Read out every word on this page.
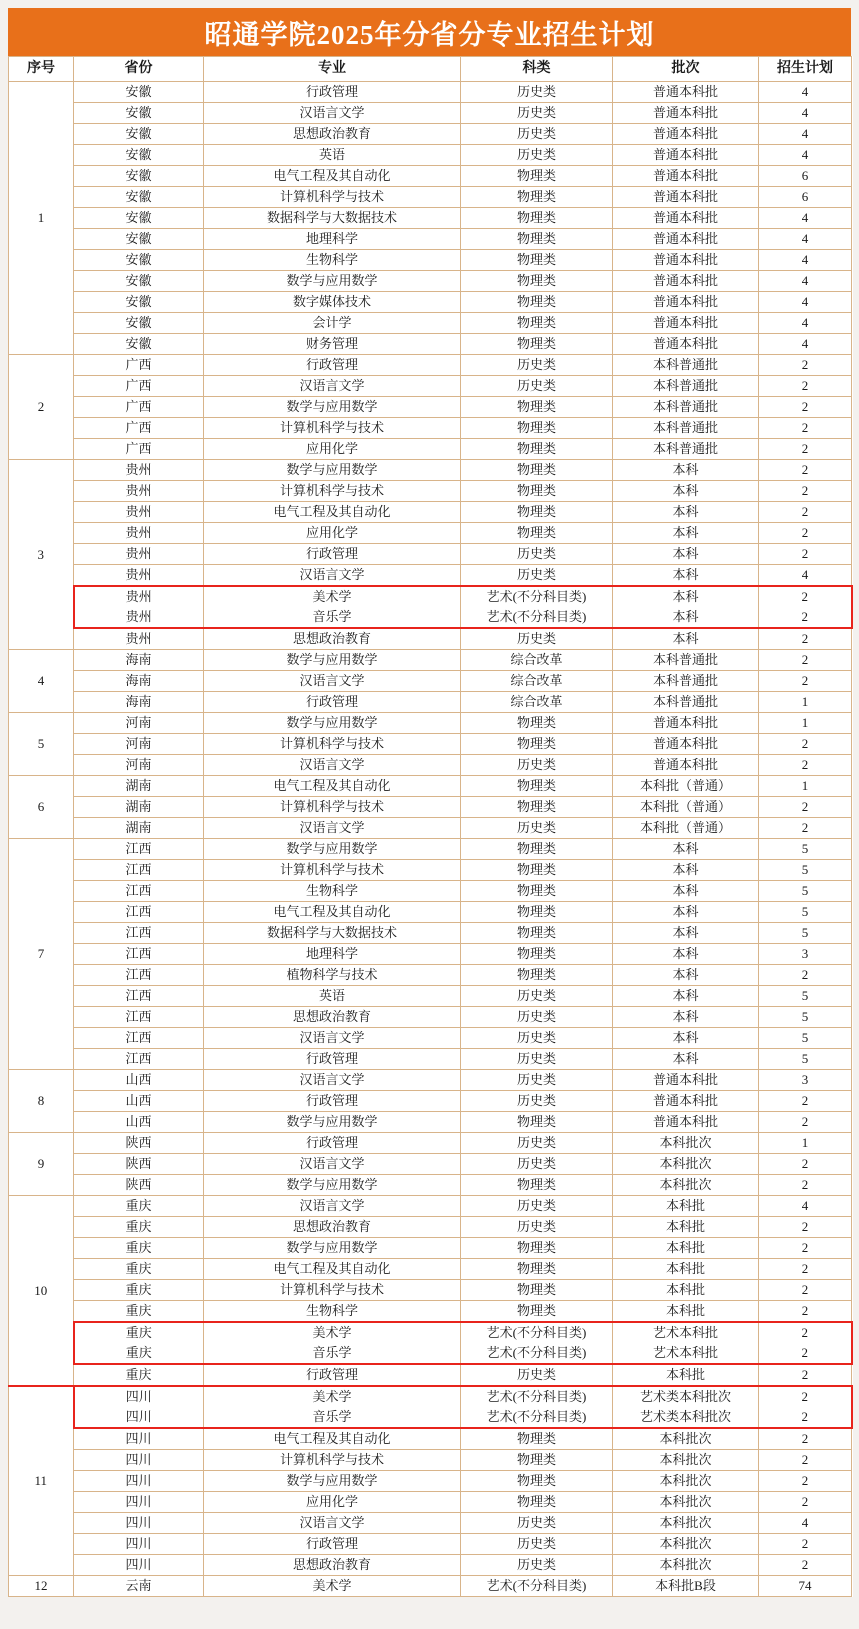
昭通学院2025年分省分专业招生计划
序号	省份	专业	科类	批次	招生计划
1	安徽	行政管理	历史类	普通本科批	4
	安徽	汉语言文学	历史类	普通本科批	4
	安徽	思想政治教育	历史类	普通本科批	4
	安徽	英语	历史类	普通本科批	4
	安徽	电气工程及其自动化	物理类	普通本科批	6
	安徽	计算机科学与技术	物理类	普通本科批	6
	安徽	数据科学与大数据技术	物理类	普通本科批	4
	安徽	地理科学	物理类	普通本科批	4
	安徽	生物科学	物理类	普通本科批	4
	安徽	数学与应用数学	物理类	普通本科批	4
	安徽	数字媒体技术	物理类	普通本科批	4
	安徽	会计学	物理类	普通本科批	4
	安徽	财务管理	物理类	普通本科批	4
2	广西	行政管理	历史类	本科普通批	2
	广西	汉语言文学	历史类	本科普通批	2
	广西	数学与应用数学	物理类	本科普通批	2
	广西	计算机科学与技术	物理类	本科普通批	2
	广西	应用化学	物理类	本科普通批	2
3	贵州	数学与应用数学	物理类	本科	2
	贵州	计算机科学与技术	物理类	本科	2
	贵州	电气工程及其自动化	物理类	本科	2
	贵州	应用化学	物理类	本科	2
	贵州	行政管理	历史类	本科	2
	贵州	汉语言文学	历史类	本科	4
	贵州	美术学	艺术(不分科目类)	本科	2
	贵州	音乐学	艺术(不分科目类)	本科	2
	贵州	思想政治教育	历史类	本科	2
4	海南	数学与应用数学	综合改革	本科普通批	2
	海南	汉语言文学	综合改革	本科普通批	2
	海南	行政管理	综合改革	本科普通批	1
5	河南	数学与应用数学	物理类	普通本科批	1
	河南	计算机科学与技术	物理类	普通本科批	2
	河南	汉语言文学	历史类	普通本科批	2
6	湖南	电气工程及其自动化	物理类	本科批（普通）	1
	湖南	计算机科学与技术	物理类	本科批（普通）	2
	湖南	汉语言文学	历史类	本科批（普通）	2
7	江西	数学与应用数学	物理类	本科	5
	江西	计算机科学与技术	物理类	本科	5
	江西	生物科学	物理类	本科	5
	江西	电气工程及其自动化	物理类	本科	5
	江西	数据科学与大数据技术	物理类	本科	5
	江西	地理科学	物理类	本科	3
	江西	植物科学与技术	物理类	本科	2
	江西	英语	历史类	本科	5
	江西	思想政治教育	历史类	本科	5
	江西	汉语言文学	历史类	本科	5
	江西	行政管理	历史类	本科	5
8	山西	汉语言文学	历史类	普通本科批	3
	山西	行政管理	历史类	普通本科批	2
	山西	数学与应用数学	物理类	普通本科批	2
9	陕西	行政管理	历史类	本科批次	1
	陕西	汉语言文学	历史类	本科批次	2
	陕西	数学与应用数学	物理类	本科批次	2
10	重庆	汉语言文学	历史类	本科批	4
	重庆	思想政治教育	历史类	本科批	2
	重庆	数学与应用数学	物理类	本科批	2
	重庆	电气工程及其自动化	物理类	本科批	2
	重庆	计算机科学与技术	物理类	本科批	2
	重庆	生物科学	物理类	本科批	2
	重庆	美术学	艺术(不分科目类)	艺术本科批	2
	重庆	音乐学	艺术(不分科目类)	艺术本科批	2
	重庆	行政管理	历史类	本科批	2
11	四川	美术学	艺术(不分科目类)	艺术类本科批次	2
	四川	音乐学	艺术(不分科目类)	艺术类本科批次	2
	四川	电气工程及其自动化	物理类	本科批次	2
	四川	计算机科学与技术	物理类	本科批次	2
	四川	数学与应用数学	物理类	本科批次	2
	四川	应用化学	物理类	本科批次	2
	四川	汉语言文学	历史类	本科批次	4
	四川	行政管理	历史类	本科批次	2
	四川	思想政治教育	历史类	本科批次	2
12	云南	美术学	艺术(不分科目类)	本科批B段	74
